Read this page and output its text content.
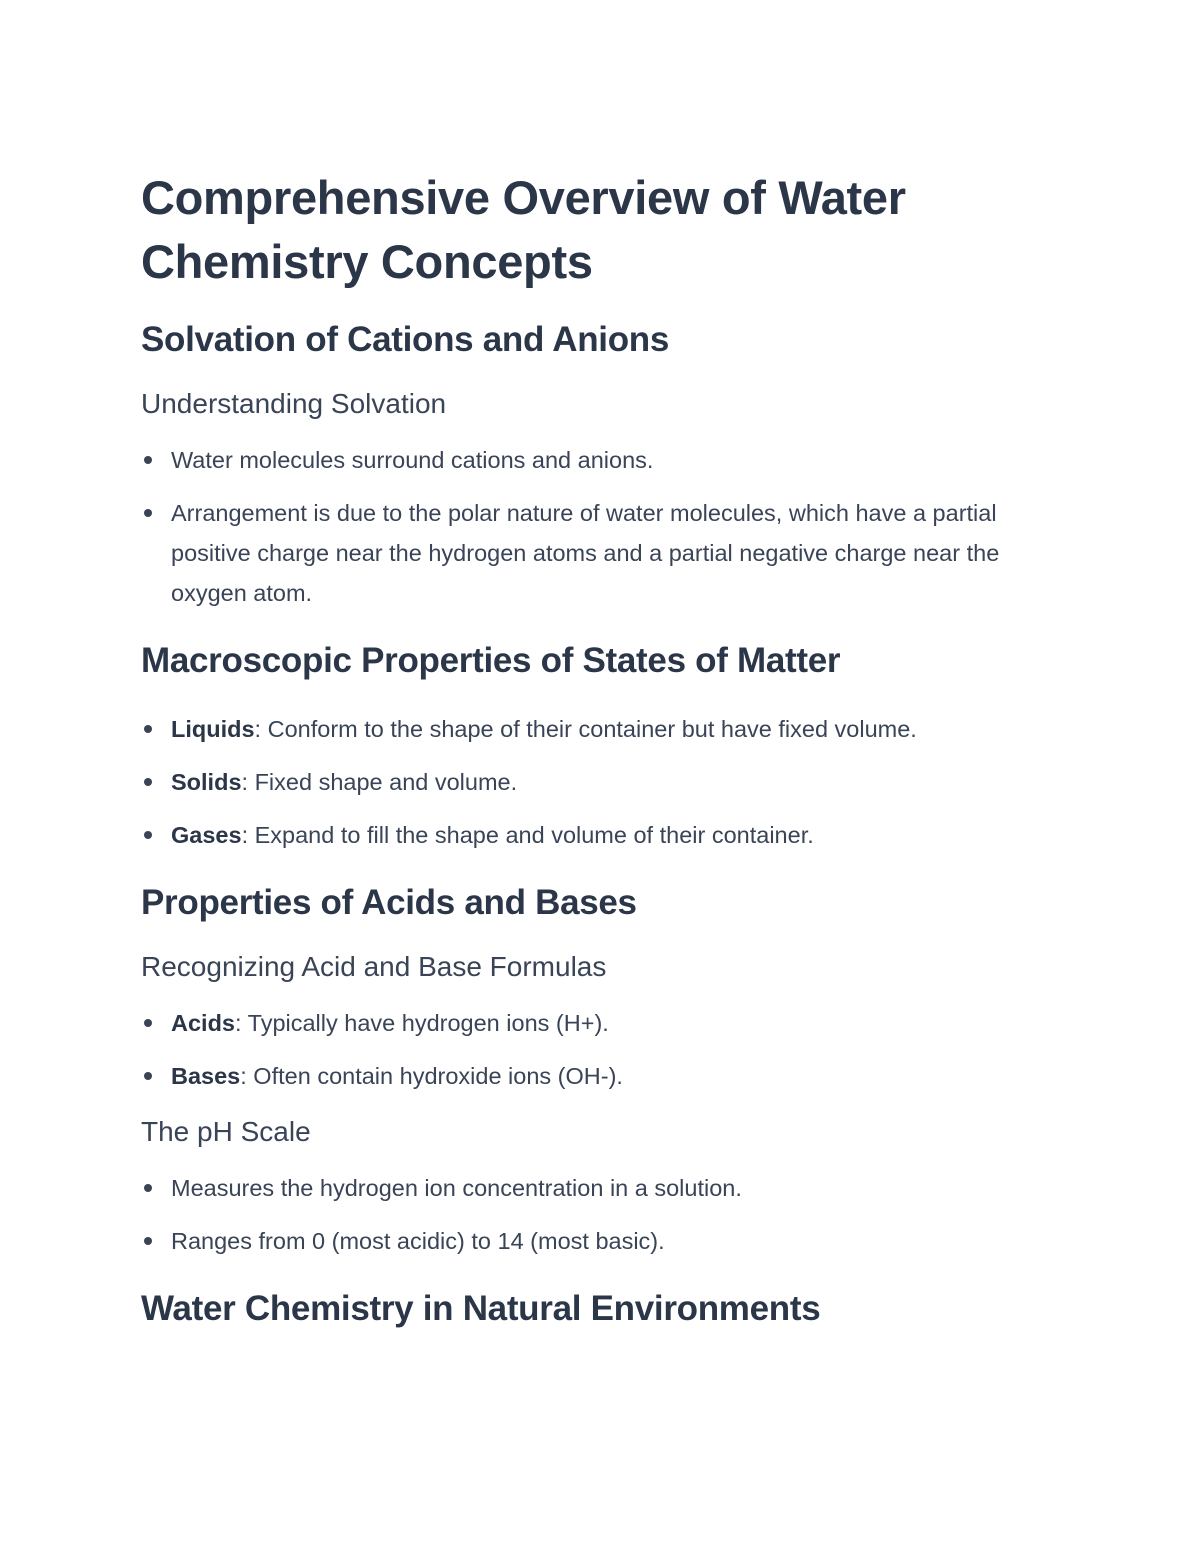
Comprehensive Overview of Water Chemistry Concepts
Solvation of Cations and Anions
Understanding Solvation
Water molecules surround cations and anions.
Arrangement is due to the polar nature of water molecules, which have a partial positive charge near the hydrogen atoms and a partial negative charge near the oxygen atom.
Macroscopic Properties of States of Matter
Liquids: Conform to the shape of their container but have fixed volume.
Solids: Fixed shape and volume.
Gases: Expand to fill the shape and volume of their container.
Properties of Acids and Bases
Recognizing Acid and Base Formulas
Acids: Typically have hydrogen ions (H+).
Bases: Often contain hydroxide ions (OH-).
The pH Scale
Measures the hydrogen ion concentration in a solution.
Ranges from 0 (most acidic) to 14 (most basic).
Water Chemistry in Natural Environments
